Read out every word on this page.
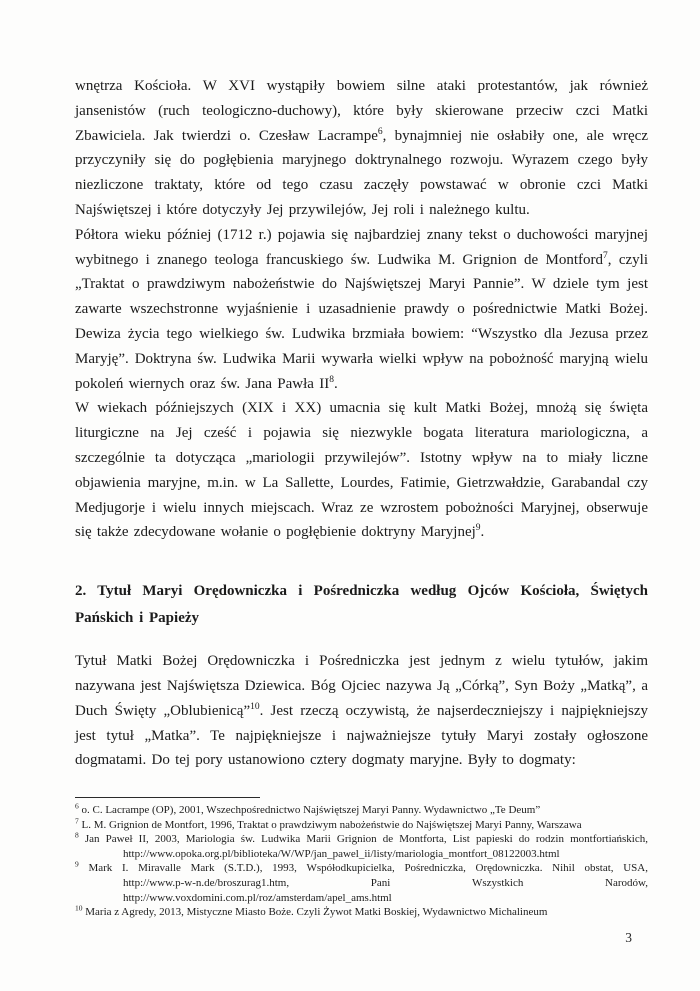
wnętrza Kościoła. W XVI wystąpiły bowiem silne ataki protestantów, jak również jansenistów (ruch teologiczno-duchowy), które były skierowane przeciw czci Matki Zbawiciela. Jak twierdzi o. Czesław Lacrampe$^6$, bynajmniej nie osłabiły one, ale wręcz przyczyniły się do pogłębienia maryjnego doktrynalnego rozwoju. Wyrazem czego były niezliczone traktaty, które od tego czasu zaczęły powstawać w obronie czci Matki Najświętszej i które dotyczyły Jej przywilejów, Jej roli i należnego kultu.

Półtora wieku później (1712 r.) pojawia się najbardziej znany tekst o duchowości maryjnej wybitnego i znanego teologa francuskiego św. Ludwika M. Grignion de Montford$^7$, czyli „Traktat o prawdziwym nabożeństwie do Najświętszej Maryi Pannie”. W dziele tym jest zawarte wszechstronne wyjaśnienie i uzasadnienie prawdy o pośrednictwie Matki Bożej. Dewiza życia tego wielkiego św. Ludwika brzmiała bowiem: “Wszystko dla Jezusa przez Maryję”. Doktryna św. Ludwika Marii wywarła wielki wpływ na pobożność maryjną wielu pokoleń wiernych oraz św. Jana Pawła $II^8$.

W wiekach późniejszych (XIX i XX) umacnia się kult Matki Bożej, mnożą się święta liturgiczne na Jej cześć i pojawia się niezwykle bogata literatura mariologiczna, a szczególnie ta dotycząca „mariologii przywilejów”. Istotny wpływ na to miały liczne objawienia maryjne, m.in. w La Sallette, Lourdes, Fatimie, Gietrzwałdzie, Garabandal czy Medjugorje i wielu innych miejscach. Wraz ze wzrostem pobożności Maryjnej, obserwuje się także zdecydowane wołanie o pogłębienie doktryny Maryjnej$^9$.

2. Tytuł Maryi Orędowniczka i Pośredniczka według Ojców Kościoła, Świętych Pańskich i Papieży

Tytuł Matki Bożej Orędowniczka i Pośredniczka jest jednym z wielu tytułów, jakim nazywana jest Najświętsza Dziewica. Bóg Ojciec nazywa Ją „Córką”, Syn Boży „Matką”, a Duch Święty „Oblubienicą”$^{10}$. Jest rzeczą oczywistą, że najserdeczniejszy i najpiękniejszy jest tytuł „Matka”. Te najpiękniejsze i najważniejsze tytuły Maryi zostały ogłoszone dogmatami. Do tej pory ustanowiono cztery dogmaty maryjne. Były to dogmaty:

$^6$ o. C. Lacrampe (OP), 2001, Wszechpośrednictwo Najświętszej Maryi Panny. Wydawnictwo „Te Deum”
$^7$ L. M. Grignion de Montfort, 1996, Traktat o prawdziwym nabożeństwie do Najświętszej Maryi Panny, Warszawa
$^8$ Jan Paweł II, 2003, Mariologia św. Ludwika Marii Grignion de Montforta, List papieski do rodzin montfortiańskich,
http://www.opoka.org.pl/biblioteka/W/WP/jan_pawel_ii/listy/mariologia_montfort_08122003.html
$^9$ Mark I. Miravalle Mark (S.T.D.), 1993, Współodkupicielka, Pośredniczka, Orędowniczka. Nihil obstat, USA,
http://www.p-w-n.de/broszurag1.htm,	Pani	Wszystkich	Narodów,
http://www.voxdomini.com.pl/roz/amsterdam/apel_ams.html
$^{10}$ Maria z Agredy, 2013, Mistyczne Miasto Boże. Czyli Żywot Matki Boskiej, Wydawnictwo Michalineum
3
